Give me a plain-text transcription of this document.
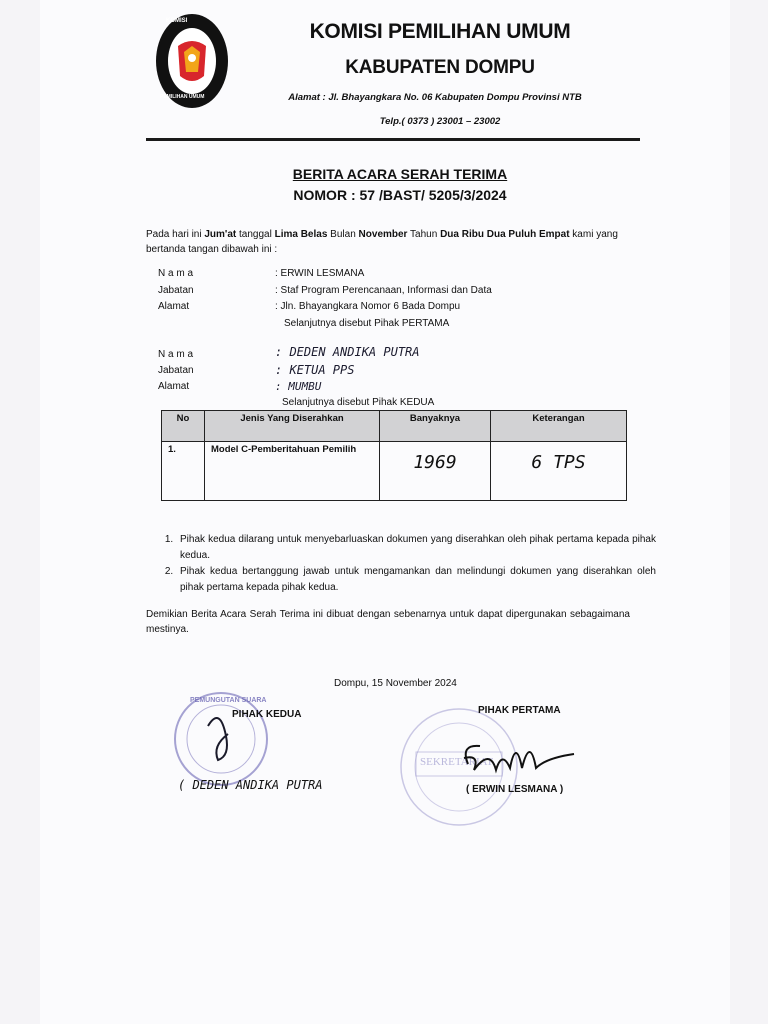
KOMISI
PEMILIHAN UMUM
KOMISI PEMILIHAN UMUM
KABUPATEN DOMPU
Alamat : Jl. Bhayangkara No. 06 Kabupaten Dompu Provinsi NTB
Telp.( 0373 ) 23001 – 23002
BERITA ACARA SERAH TERIMA
NOMOR : 57 /BAST/ 5205/3/2024
Pada hari ini Jum'at tanggal Lima Belas Bulan November Tahun Dua Ribu Dua Puluh Empat kami yang bertanda tangan dibawah ini :
N a m a	: ERWIN LESMANA
Jabatan	: Staf Program Perencanaan, Informasi dan Data
Alamat	: Jln. Bhayangkara Nomor 6 Bada Dompu
Selanjutnya disebut Pihak PERTAMA
N a m a	: DEDEN ANDIKA PUTRA
Jabatan	: KETUA PPS
Alamat	: MUMBU
Selanjutnya disebut Pihak KEDUA
No	Jenis Yang Diserahkan	Banyaknya	Keterangan
1.	Model C-Pemberitahuan Pemilih	1969	6 TPS
1. Pihak kedua dilarang untuk menyebarluaskan dokumen yang diserahkan oleh pihak pertama kepada pihak kedua.
2. Pihak kedua bertanggung jawab untuk mengamankan dan melindungi dokumen yang diserahkan oleh pihak pertama kepada pihak kedua.
Demikian Berita Acara Serah Terima ini dibuat dengan sebenarnya untuk dapat dipergunakan sebagaimana mestinya.
Dompu, 15 November 2024
PEMUNGUTAN SUARA
PIHAK KEDUA
( DEDEN ANDIKA PUTRA
SEKRETARIAT
PIHAK PERTAMA
( ERWIN LESMANA )
